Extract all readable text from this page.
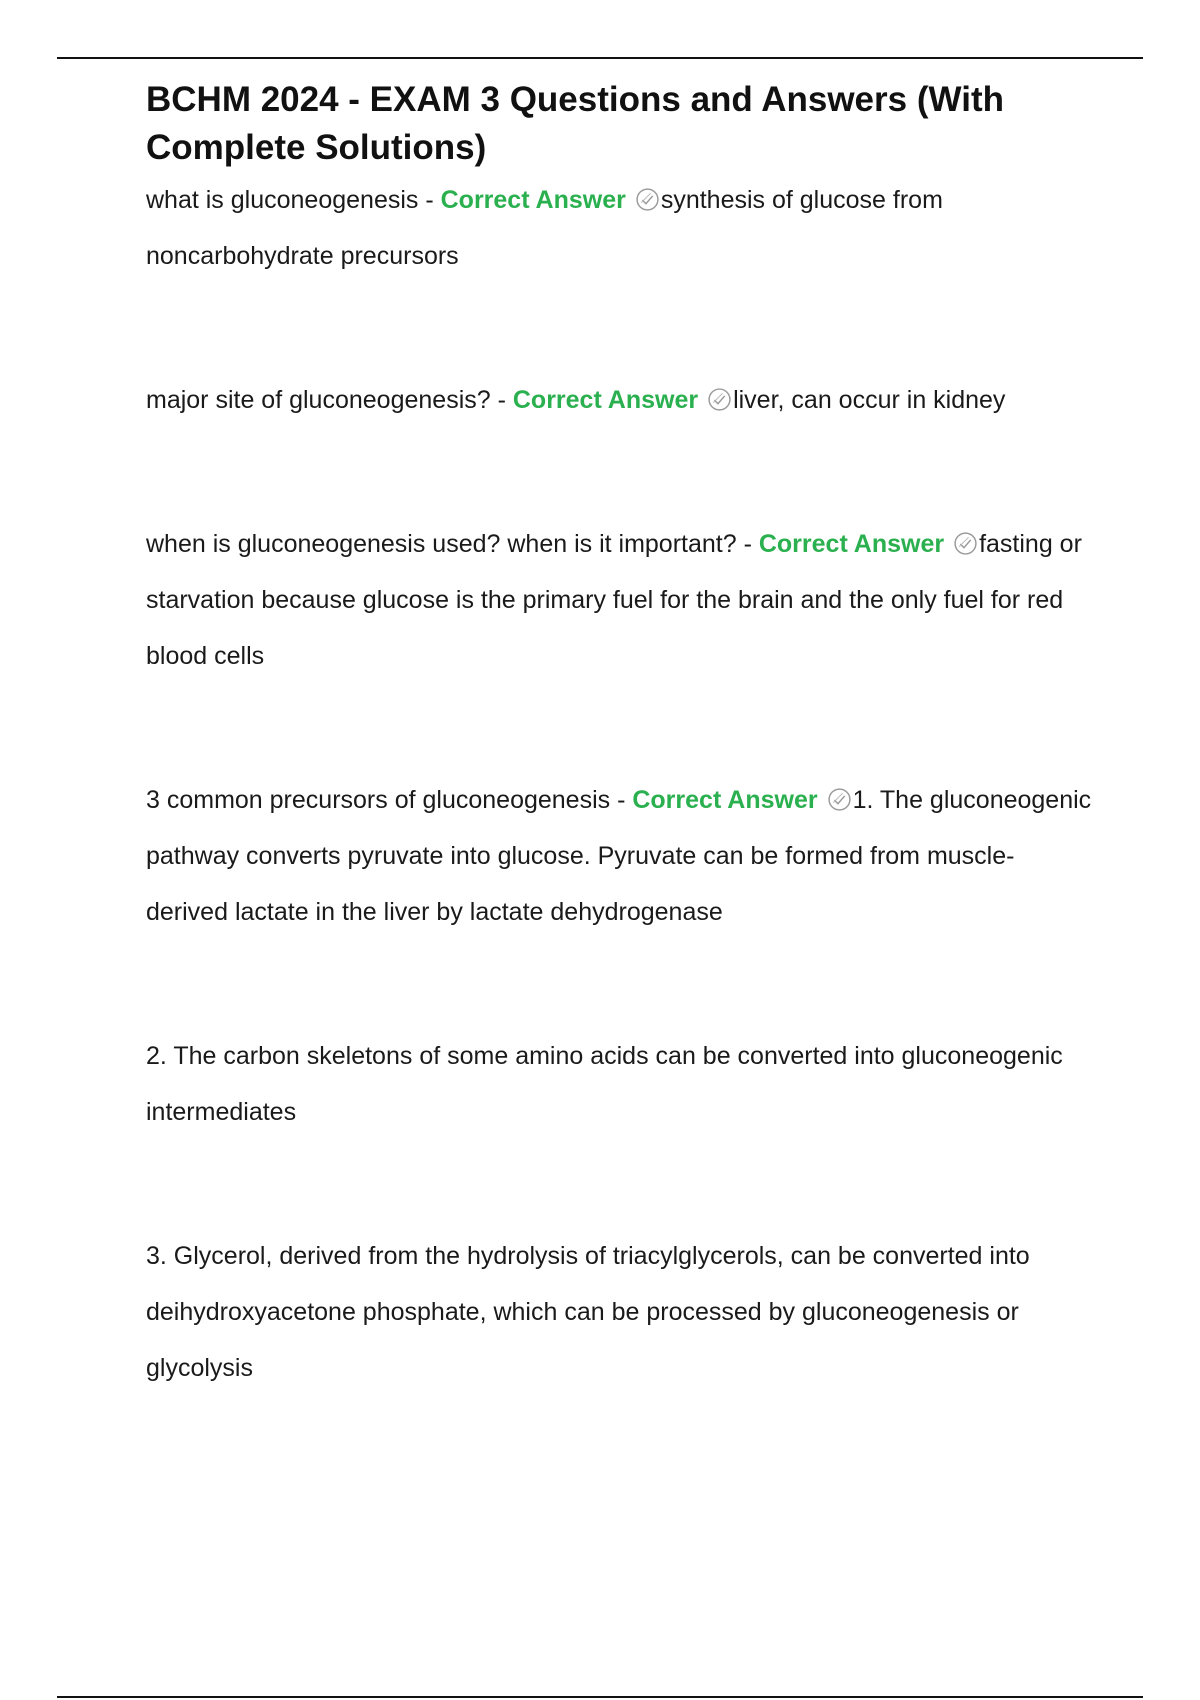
BCHM 2024 - EXAM 3 Questions and Answers (With Complete Solutions)

what is gluconeogenesis - Correct Answer synthesis of glucose from noncarbohydrate precursors

major site of gluconeogenesis? - Correct Answer liver, can occur in kidney

when is gluconeogenesis used? when is it important? - Correct Answer fasting or starvation because glucose is the primary fuel for the brain and the only fuel for red blood cells

3 common precursors of gluconeogenesis - Correct Answer 1. The gluconeogenic pathway converts pyruvate into glucose. Pyruvate can be formed from muscle-derived lactate in the liver by lactate dehydrogenase

2. The carbon skeletons of some amino acids can be converted into gluconeogenic intermediates

3. Glycerol, derived from the hydrolysis of triacylglycerols, can be converted into deihydroxyacetone phosphate, which can be processed by gluconeogenesis or glycolysis
